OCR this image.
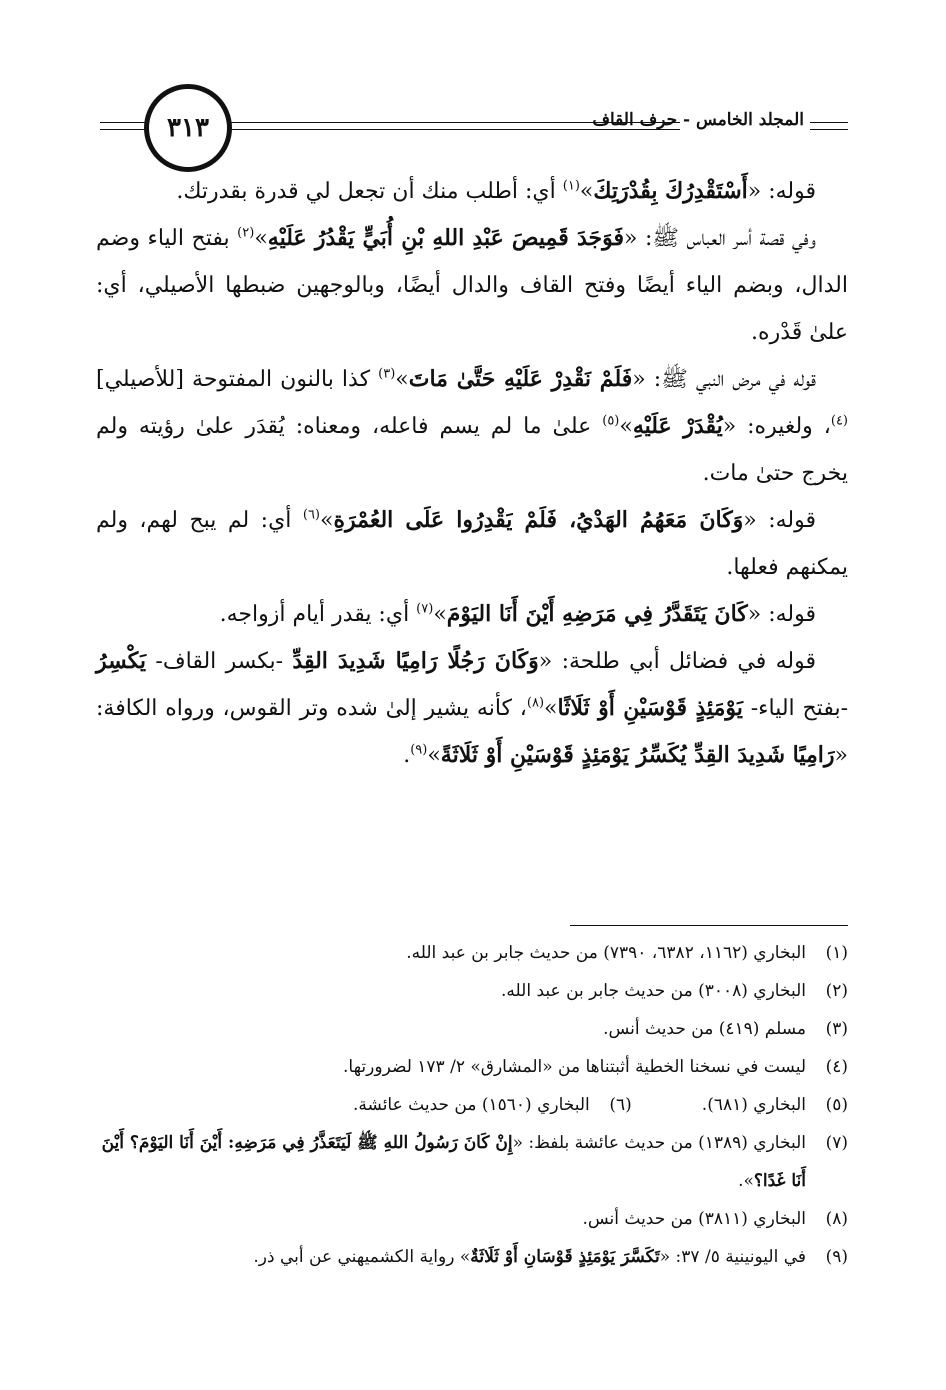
٣١٣	المجلد الخامس - حرف القاف

قوله: «أَسْتَقْدِرُكَ بِقُدْرَتِكَ»$^{(١)}$ أي: أطلب منك أن تجعل لي قدرة بقدرتك.

وفي قصة أسر العباس ﷺ: «فَوَجَدَ قَمِيصَ عَبْدِ اللهِ بْنِ أُبَيٍّ يَقْدُرُ عَلَيْهِ»$^{(٢)}$ بفتح الياء وضم الدال، وبضم الياء أيضًا وفتح القاف والدال أيضًا، وبالوجهين ضبطها الأصيلي، أي: علىٰ قَدْره.

قوله في مرض النبي ﷺ: «فَلَمْ نَقْدِرْ عَلَيْهِ حَتَّىٰ مَاتَ»$^{(٣)}$ كذا بالنون المفتوحة [للأصيلي]$^{(٤)}$، ولغيره: «يُقْدَرْ عَلَيْهِ»$^{(٥)}$ علىٰ ما لم يسم فاعله، ومعناه: يُقدَر علىٰ رؤيته ولم يخرج حتىٰ مات.

قوله: «وَكَانَ مَعَهُمُ الهَدْيُ، فَلَمْ يَقْدِرُوا عَلَى العُمْرَةِ»$^{(٦)}$ أي: لم يبح لهم، ولم يمكنهم فعلها.

قوله: «كَانَ يَتَقَدَّرُ فِي مَرَضِهِ أَيْنَ أَنَا اليَوْمَ»$^{(٧)}$ أي: يقدر أيام أزواجه.

قوله في فضائل أبي طلحة: «وَكَانَ رَجُلًا رَامِيًا شَدِيدَ القِدِّ -بكسر القاف- يَكْسِرُ -بفتح الياء- يَوْمَئِذٍ قَوْسَيْنِ أَوْ ثَلَاثًا»$^{(٨)}$، كأنه يشير إلىٰ شده وتر القوس، ورواه الكافة: «رَامِيًا شَدِيدَ القِدِّ يُكَسِّرُ يَوْمَئِذٍ قَوْسَيْنِ أَوْ ثَلَاثَةً»$^{(٩)}$.

(١)
البخاري (١١٦٢، ٦٣٨٢، ٧٣٩٠) من حديث جابر بن عبد الله.
(٢)
البخاري (٣٠٠٨) من حديث جابر بن عبد الله.
(٣)
مسلم (٤١٩) من حديث أنس.
(٤)
ليست في نسخنا الخطية أثبتناها من «المشارق» ٢/ ١٧٣ لضرورتها.
(٥)
البخاري (٦٨١).
(٦)
البخاري (١٥٦٠) من حديث عائشة.
(٧)
البخاري (١٣٨٩) من حديث عائشة بلفظ: «إِنْ كَانَ رَسُولُ اللهِ ﷺ لَيَتَعَذَّرُ فِي مَرَضِهِ: أَيْنَ أَنَا اليَوْمَ؟ أَيْنَ أَنَا غَدًا؟».
(٨)
البخاري (٣٨١١) من حديث أنس.
(٩)
في اليونينية ٥/ ٣٧: «تَكَسَّرَ يَوْمَئِذٍ قَوْسَانِ أَوْ ثَلَاثَةٌ» رواية الكشميهني عن أبي ذر.
